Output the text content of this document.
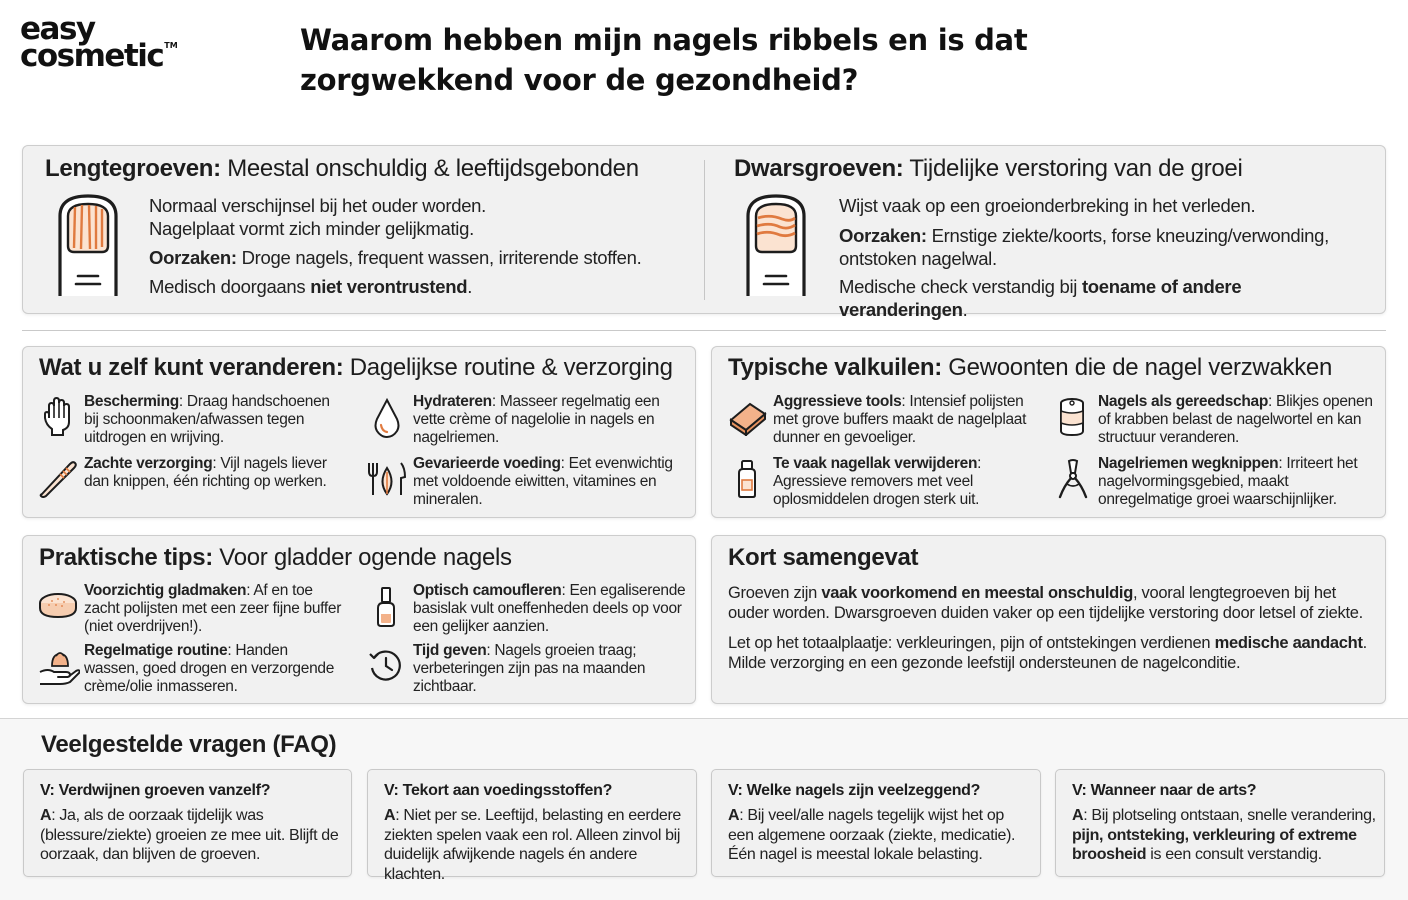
easy
cosmetic™	Waarom hebben mijn nagels ribbels en is dat zorgwekkend voor de gezondheid?
Lengtegroeven: Meestal onschuldig & leeftijdsgebonden
Normaal verschijnsel bij het ouder worden.
Nagelplaat vormt zich minder gelijkmatig.
Oorzaken: Droge nagels, frequent wassen, irriterende stoffen.
Medisch doorgaans niet verontrustend.
Dwarsgroeven: Tijdelijke verstoring van de groei
Wijst vaak op een groeionderbreking in het verleden.
Oorzaken: Ernstige ziekte/koorts, forse kneuzing/verwonding, ontstoken nagelwal.
Medische check verstandig bij toename of andere veranderingen.
Wat u zelf kunt veranderen: Dagelijkse routine & verzorging
Bescherming: Draag handschoenen bij schoonmaken/afwassen tegen uitdrogen en wrijving.
Hydrateren: Masseer regelmatig een vette crème of nagelolie in nagels en nagelriemen.
Zachte verzorging: Vijl nagels liever dan knippen, één richting op werken.
Gevarieerde voeding: Eet evenwichtig met voldoende eiwitten, vitamines en mineralen.
Typische valkuilen: Gewoonten die de nagel verzwakken
Aggressieve tools: Intensief polijsten met grove buffers maakt de nagelplaat dunner en gevoeliger.
Nagels als gereedschap: Blikjes openen of krabben belast de nagelwortel en kan structuur veranderen.
Te vaak nagellak verwijderen: Agressieve removers met veel oplosmiddelen drogen sterk uit.
Nagelriemen wegknippen: Irriteert het nagelvormingsgebied, maakt onregelmatige groei waarschijnlijker.
Praktische tips: Voor gladder ogende nagels
Voorzichtig gladmaken: Af en toe zacht polijsten met een zeer fijne buffer (niet overdrijven!).
Optisch camoufleren: Een egaliserende basislak vult oneffenheden deels op voor een gelijker aanzien.
Regelmatige routine: Handen wassen, goed drogen en verzorgende crème/olie inmasseren.
Tijd geven: Nagels groeien traag; verbeteringen zijn pas na maanden zichtbaar.
Kort samengevat
Groeven zijn vaak voorkomend en meestal onschuldig, vooral lengtegroeven bij het ouder worden. Dwarsgroeven duiden vaker op een tijdelijke verstoring door letsel of ziekte.
Let op het totaalplaatje: verkleuringen, pijn of ontstekingen verdienen medische aandacht. Milde verzorging en een gezonde leefstijl ondersteunen de nagelconditie.
Veelgestelde vragen (FAQ)
V: Verdwijnen groeven vanzelf?
A: Ja, als de oorzaak tijdelijk was (blessure/ziekte) groeien ze mee uit. Blijft de oorzaak, dan blijven de groeven.
V: Tekort aan voedingsstoffen?
A: Niet per se. Leeftijd, belasting en eerdere ziekten spelen vaak een rol. Alleen zinvol bij duidelijk afwijkende nagels én andere klachten.
V: Welke nagels zijn veelzeggend?
A: Bij veel/alle nagels tegelijk wijst het op een algemene oorzaak (ziekte, medicatie). Één nagel is meestal lokale belasting.
V: Wanneer naar de arts?
A: Bij plotseling ontstaan, snelle verandering, pijn, ontsteking, verkleuring of extreme broosheid is een consult verstandig.
